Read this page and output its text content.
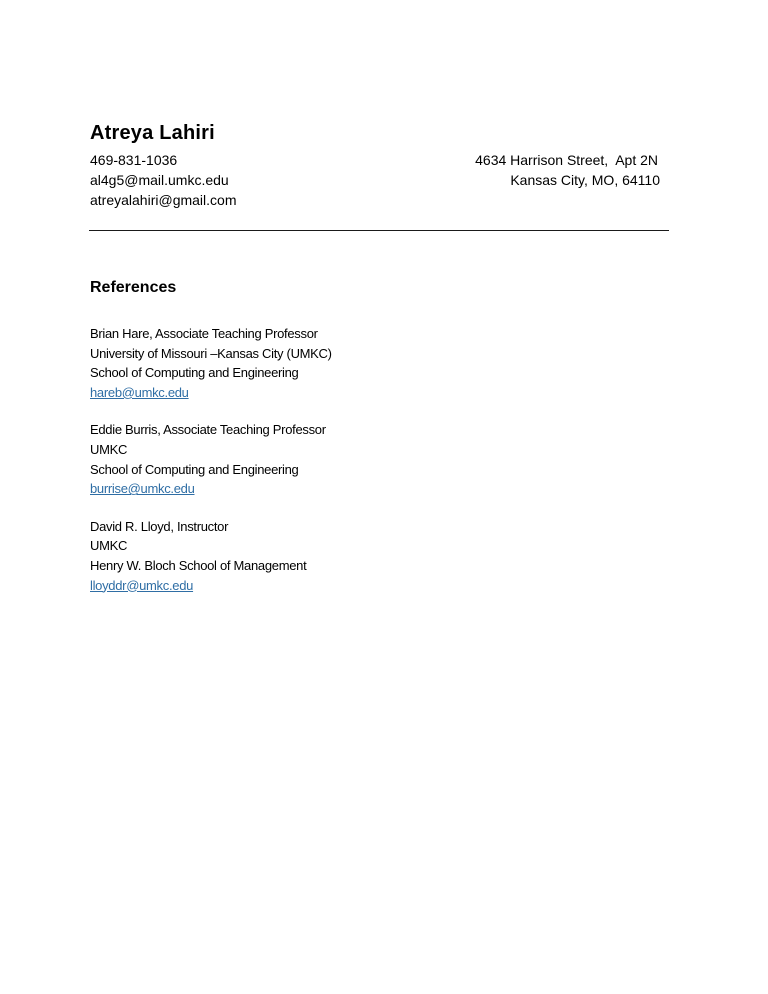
Atreya Lahiri
469-831-1036
al4g5@mail.umkc.edu
atreyalahiri@gmail.com
4634 Harrison Street,  Apt 2N
Kansas City, MO, 64110
References
Brian Hare, Associate Teaching Professor
University of Missouri –Kansas City (UMKC)
School of Computing and Engineering
hareb@umkc.edu
Eddie Burris, Associate Teaching Professor
UMKC
School of Computing and Engineering
burrise@umkc.edu
David R. Lloyd, Instructor
UMKC
Henry W. Bloch School of Management
lloyddr@umkc.edu
